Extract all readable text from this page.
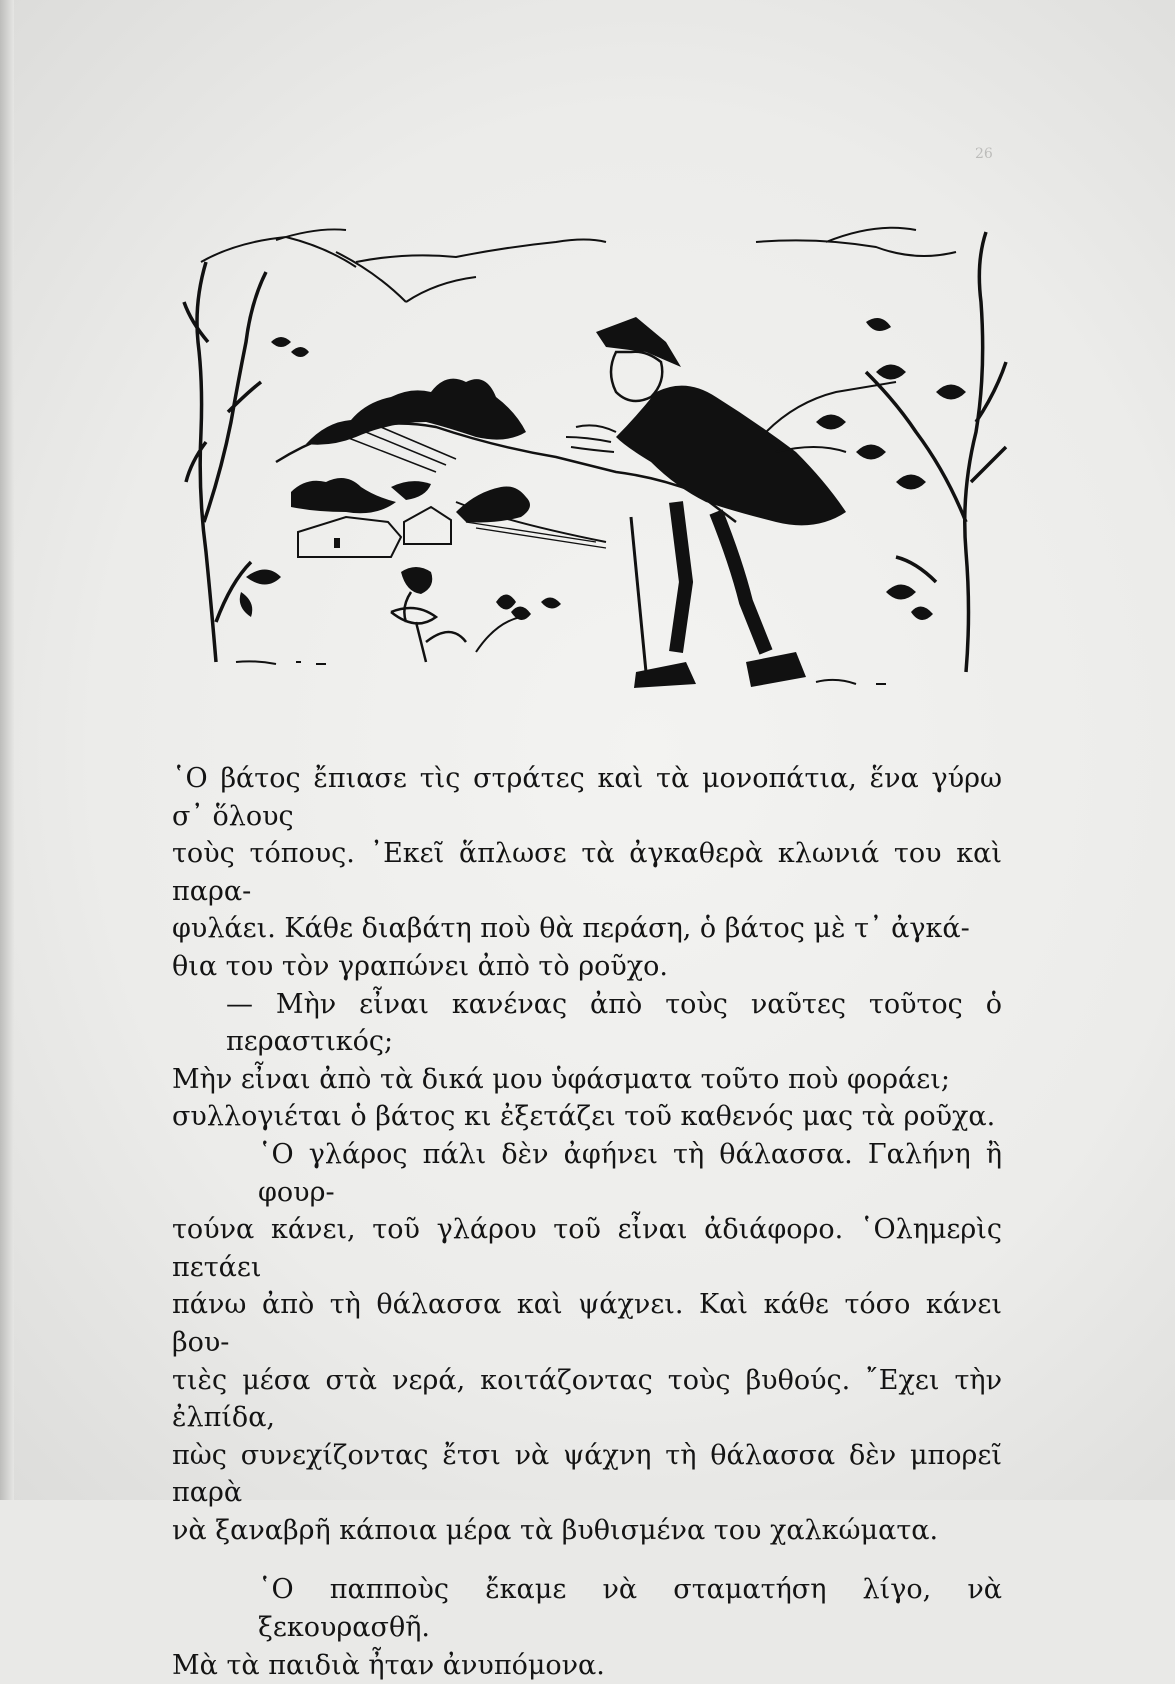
26
῾Ο βάτος ἔπιασε τὶς στράτες καὶ τὰ μονοπάτια, ἕνα γύρω σ᾽ ὅλους
τοὺς τόπους. ᾽Εκεῖ ἅπλωσε τὰ ἀγκαθερὰ κλωνιά του καὶ παρα-
φυλάει. Κάθε διαβάτη ποὺ θὰ περάση, ὁ βάτος μὲ τ᾽ ἀγκά-
θια του τὸν γραπώνει ἀπὸ τὸ ροῦχο.
— Μὴν εἶναι κανένας ἀπὸ τοὺς ναῦτες τοῦτος ὁ περαστικός;
Μὴν εἶναι ἀπὸ τὰ δικά μου ὑφάσματα τοῦτο ποὺ φοράει;
συλλογιέται ὁ βάτος κι ἐξετάζει τοῦ καθενός μας τὰ ροῦχα.
῾Ο γλάρος πάλι δὲν ἀφήνει τὴ θάλασσα. Γαλήνη ἢ φουρ-
τούνα κάνει, τοῦ γλάρου τοῦ εἶναι ἀδιάφορο. ῾Ολημερὶς πετάει
πάνω ἀπὸ τὴ θάλασσα καὶ ψάχνει. Καὶ κάθε τόσο κάνει βου-
τιὲς μέσα στὰ νερά, κοιτάζοντας τοὺς βυθούς. ῎Εχει τὴν ἐλπίδα,
πὼς συνεχίζοντας ἔτσι νὰ ψάχνη τὴ θάλασσα δὲν μπορεῖ παρὰ
νὰ ξαναβρῆ κάποια μέρα τὰ βυθισμένα του χαλκώματα.
῾Ο παπποὺς ἔκαμε νὰ σταματήση λίγο, νὰ ξεκουρασθῆ.
Μὰ τὰ παιδιὰ ἦταν ἀνυπόμονα.
